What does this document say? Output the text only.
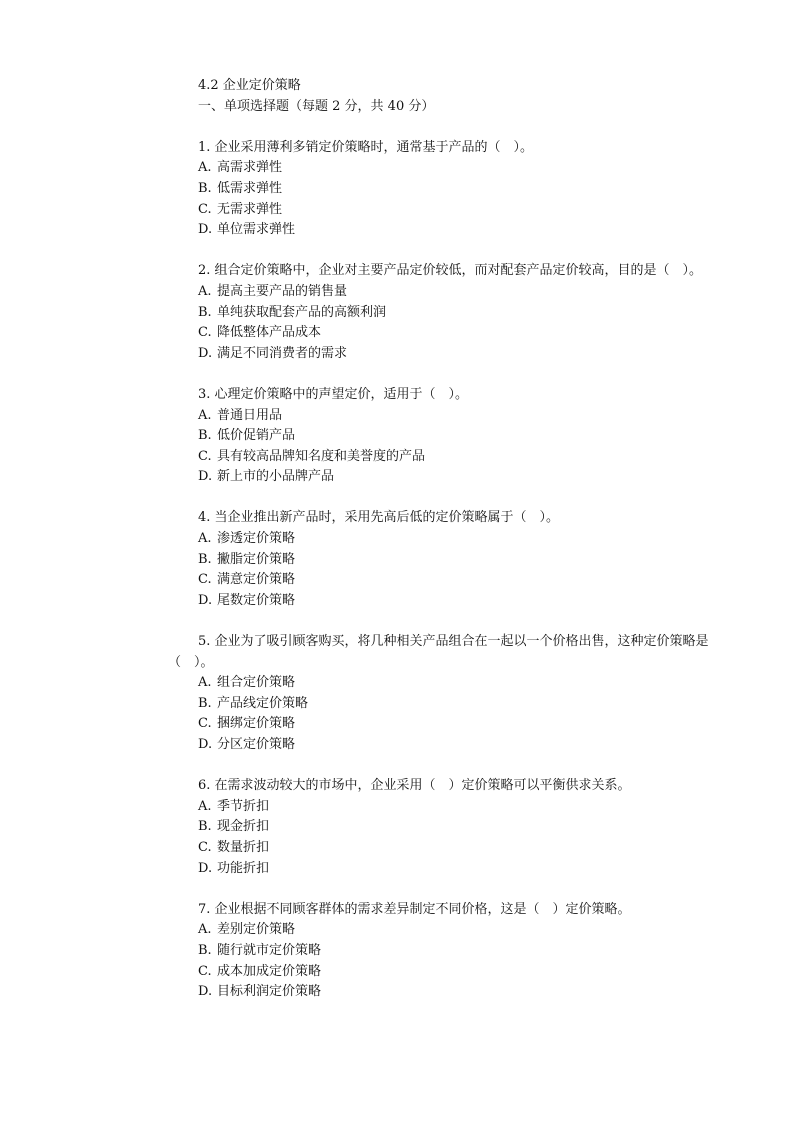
4.2 企业定价策略
一、单项选择题（每题 2 分，共 40 分）
1. 企业采用薄利多销定价策略时，通常基于产品的（　）。
A. 高需求弹性
B. 低需求弹性
C. 无需求弹性
D. 单位需求弹性
2. 组合定价策略中，企业对主要产品定价较低，而对配套产品定价较高，目的是（　）。
A. 提高主要产品的销售量
B. 单纯获取配套产品的高额利润
C. 降低整体产品成本
D. 满足不同消费者的需求
3. 心理定价策略中的声望定价，适用于（　）。
A. 普通日用品
B. 低价促销产品
C. 具有较高品牌知名度和美誉度的产品
D. 新上市的小品牌产品
4. 当企业推出新产品时，采用先高后低的定价策略属于（　）。
A. 渗透定价策略
B. 撇脂定价策略
C. 满意定价策略
D. 尾数定价策略
5. 企业为了吸引顾客购买，将几种相关产品组合在一起以一个价格出售，这种定价策略是（　）。
A. 组合定价策略
B. 产品线定价策略
C. 捆绑定价策略
D. 分区定价策略
6. 在需求波动较大的市场中，企业采用（　）定价策略可以平衡供求关系。
A. 季节折扣
B. 现金折扣
C. 数量折扣
D. 功能折扣
7. 企业根据不同顾客群体的需求差异制定不同价格，这是（　）定价策略。
A. 差别定价策略
B. 随行就市定价策略
C. 成本加成定价策略
D. 目标利润定价策略
